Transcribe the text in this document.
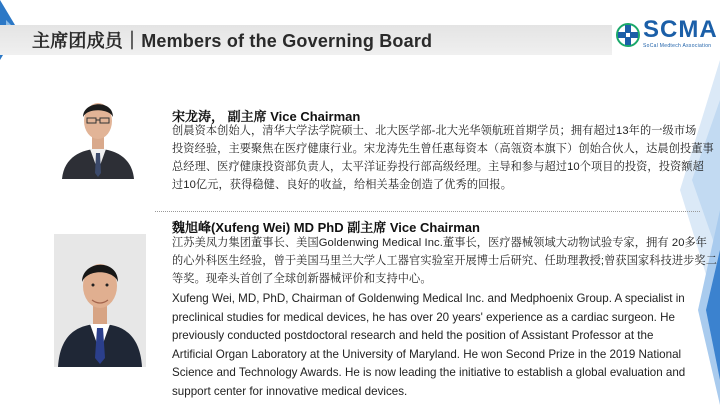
主席团成员｜Members of the Governing Board	SCMA
SoCal Medtech Association
宋龙涛， 副主席 Vice Chairman
创晨资本创始人，清华大学法学院硕士、北大医学部-北大光华领航班首期学员；拥有超过13年的一级市场
投资经验，主要聚焦在医疗健康行业。宋龙涛先生曾任惠每资本（高瓴资本旗下）创始合伙人，达晨创投董事
总经理、医疗健康投资部负责人，太平洋证券投行部高级经理。主导和参与超过10个项目的投资，投资额超
过10亿元，获得稳健、良好的收益，给相关基金创造了优秀的回报。
魏旭峰(Xufeng Wei) MD PhD 副主席 Vice Chairman
江苏美凤力集团董事长、美国Goldenwing Medical Inc.董事长，医疗器械领域大动物试验专家，拥有 20多年
的心外科医生经验，曾于美国马里兰大学人工器官实验室开展博士后研究、任助理教授;曾获国家科技进步奖二
等奖。现牵头首创了全球创新器械评价和支持中心。
Xufeng Wei, MD, PhD, Chairman of Goldenwing Medical Inc. and Medphoenix Group. A specialist in
preclinical studies for medical devices, he has over 20 years' experience as a cardiac surgeon. He
previously conducted postdoctoral research and held the position of Assistant Professor at the
Artificial Organ Laboratory at the University of Maryland. He won Second Prize in the 2019 National
Science and Technology Awards. He is now leading the initiative to establish a global evaluation and
support center for innovative medical devices.
